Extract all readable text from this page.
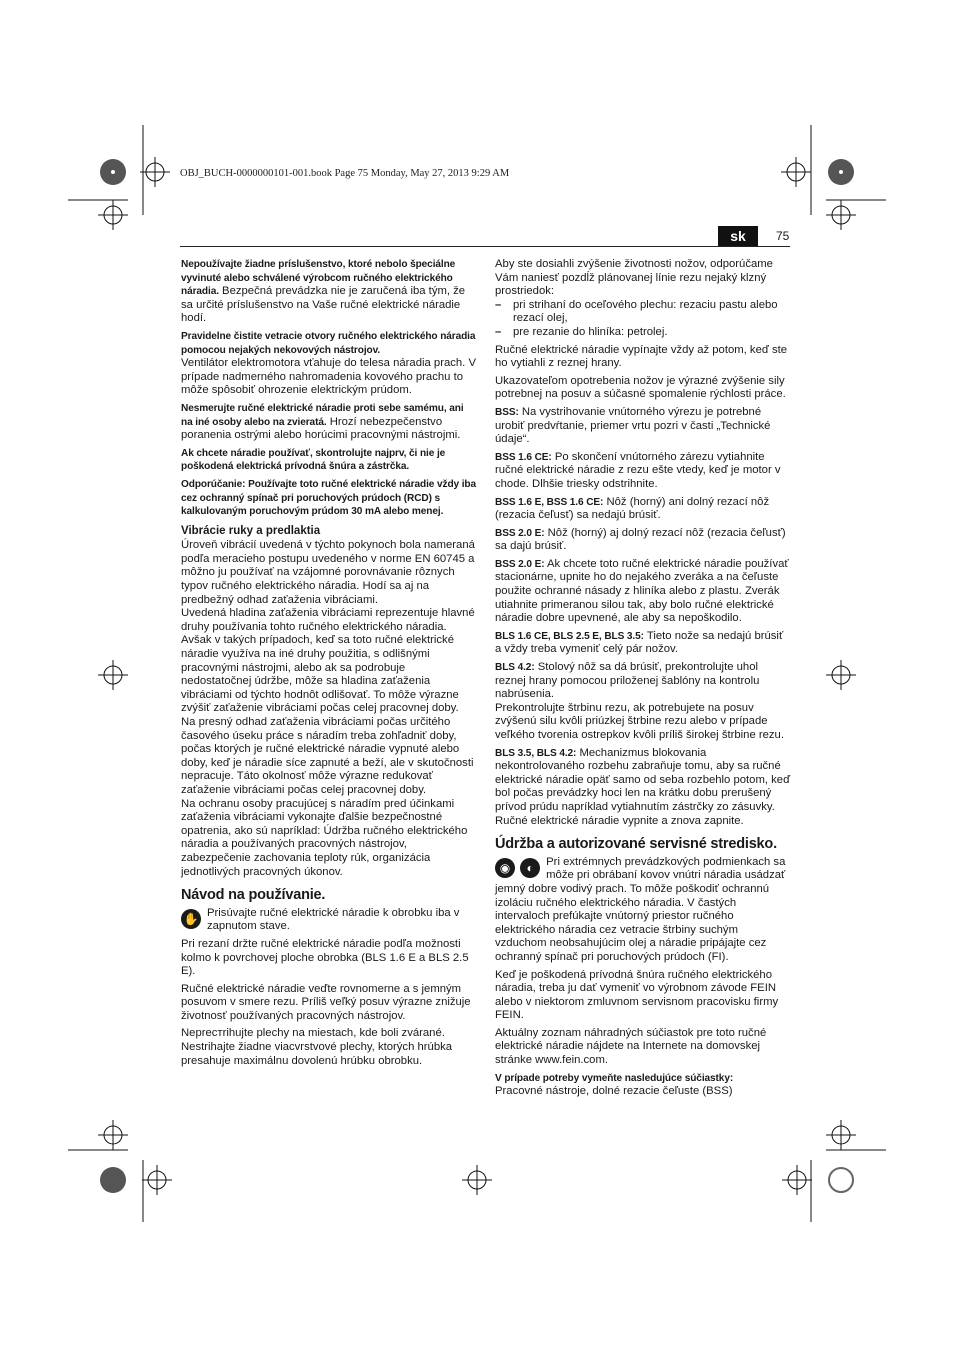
OBJ_BUCH-0000000101-001.book Page 75 Monday, May 27, 2013 9:29 AM
sk	75

Nepoužívajte žiadne príslušenstvo, ktoré nebolo špeciálne vyvinuté alebo schválené výrobcom ručného elektrického náradia. Bezpečná prevádzka nie je zaručená iba tým, že sa určité príslušenstvo na Vaše ručné elektrické náradie hodí.

Pravidelne čistite vetracie otvory ručného elektrického náradia pomocou nejakých nekovových nástrojov.
Ventilátor elektromotora vťahuje do telesa náradia prach. V prípade nadmerného nahromadenia kovového prachu to môže spôsobiť ohrozenie elektrickým prúdom.

Nesmerujte ručné elektrické náradie proti sebe samému, ani na iné osoby alebo na zvieratá. Hrozí nebezpečenstvo poranenia ostrými alebo horúcimi pracovnými nástrojmi.

Ak chcete náradie používať, skontrolujte najprv, či nie je poškodená elektrická prívodná šnúra a zástrčka.

Odporúčanie: Používajte toto ručné elektrické náradie vždy iba cez ochranný spínač pri poruchových prúdoch (RCD) s kalkulovaným poruchovým prúdom 30 mA alebo menej.

Vibrácie ruky a predlaktia

Úroveň vibrácií uvedená v týchto pokynoch bola nameraná podľa meracieho postupu uvedeného v norme EN 60745 a môžno ju používať na vzájomné porovnávanie rôznych typov ručného elektrického náradia. Hodí sa aj na predbežný odhad zaťaženia vibráciami.

Uvedená hladina zaťaženia vibráciami reprezentuje hlavné druhy používania tohto ručného elektrického náradia. Avšak v takých prípadoch, keď sa toto ručné elektrické náradie využíva na iné druhy použitia, s odlišnými pracovnými nástrojmi, alebo ak sa podrobuje nedostatočnej údržbe, môže sa hladina zaťaženia vibráciami od týchto hodnôt odlišovať. To môže výrazne zvýšiť zaťaženie vibráciami počas celej pracovnej doby.

Na presný odhad zaťaženia vibráciami počas určitého časového úseku práce s náradím treba zohľadniť doby, počas ktorých je ručné elektrické náradie vypnuté alebo doby, keď je náradie síce zapnuté a beží, ale v skutočnosti nepracuje. Táto okolnosť môže výrazne redukovať zaťaženie vibráciami počas celej pracovnej doby.

Na ochranu osoby pracujúcej s náradím pred účinkami zaťaženia vibráciami vykonajte ďalšie bezpečnostné opatrenia, ako sú napríklad: Údržba ručného elektrického náradia a používaných pracovných nástrojov, zabezpečenie zachovania teploty rúk, organizácia jednotlivých pracovných úkonov.

Návod na používanie.

✋ Prisúvajte ručné elektrické náradie k obrobku iba v zapnutom stave.

Pri rezaní držte ručné elektrické náradie podľa možnosti kolmo k povrchovej ploche obrobka (BLS 1.6 E a BLS 2.5 E).

Ručné elektrické náradie veďte rovnomerne a s jemným posuvom v smere rezu. Príliš veľký posuv výrazne znižuje životnosť používaných pracovných nástrojov.

Nepreстrihujte plechy na miestach, kde boli zvárané. Nestrihajte žiadne viacvrstvové plechy, ktorých hrúbka presahuje maximálnu dovolenú hrúbku obrobku.

Aby ste dosiahli zvýšenie životnosti nožov, odporúčame Vám naniesť pozdĺž plánovanej línie rezu nejaký klzný prostriedok:

–	pri strihaní do oceľového plechu: rezaciu pastu alebo rezací olej,
–	pre rezanie do hliníka: petrolej.

Ručné elektrické náradie vypínajte vždy až potom, keď ste ho vytiahli z reznej hrany.

Ukazovateľom opotrebenia nožov je výrazné zvýšenie sily potrebnej na posuv a súčasné spomalenie rýchlosti práce.

BSS: Na vystrihovanie vnútorného výrezu je potrebné urobiť predvŕtanie, priemer vrtu pozri v časti „Technické údaje“.

BSS 1.6 CE: Po skončení vnútorného zárezu vytiahnite ručné elektrické náradie z rezu ešte vtedy, keď je motor v chode. Dlhšie triesky odstrihnite.

BSS 1.6 E, BSS 1.6 CE: Nôž (horný) ani dolný rezací nôž (rezacia čeľusť) sa nedajú brúsiť.

BSS 2.0 E: Nôž (horný) aj dolný rezací nôž (rezacia čeľusť) sa dajú brúsiť.

BSS 2.0 E: Ak chcete toto ručné elektrické náradie používať stacionárne, upnite ho do nejakého zveráka a na čeľuste použite ochranné násady z hliníka alebo z plastu. Zverák utiahnite primeranou silou tak, aby bolo ručné elektrické náradie dobre upevnené, ale aby sa nepoškodilo.

BLS 1.6 CE, BLS 2.5 E, BLS 3.5: Tieto nože sa nedajú brúsiť a vždy treba vymeniť celý pár nožov.

BLS 4.2: Stolový nôž sa dá brúsiť, prekontrolujte uhol reznej hrany pomocou priloženej šablóny na kontrolu nabrúsenia.

Prekontrolujte štrbinu rezu, ak potrebujete na posuv zvýšenú silu kvôli priúzkej štrbine rezu alebo v prípade veľkého tvorenia ostrepkov kvôli príliš širokej štrbine rezu.

BLS 3.5, BLS 4.2: Mechanizmus blokovania nekontrolovaného rozbehu zabraňuje tomu, aby sa ručné elektrické náradie opäť samo od seba rozbehlo potom, keď bol počas prevádzky hoci len na krátku dobu prerušený prívod prúdu napríklad vytiahnutím zástrčky zo zásuvky. Ručné elektrické náradie vypnite a znova zapnite.

Údržba a autorizované servisné stredisko.

◉ ◐	Pri extrémnych prevádzkových podmienkach sa môže pri obrábaní kovov vnútri náradia usádzať jemný dobre vodivý prach. To môže poškodiť ochrannú izoláciu ručného elektrického náradia. V častých intervaloch prefúkajte vnútorný priestor ručného elektrického náradia cez vetracie štrbiny suchým vzduchom neobsahujúcim olej a náradie pripájajte cez ochranný spínač pri poruchových prúdoch (FI).

Keď je poškodená prívodná šnúra ručného elektrického náradia, treba ju dať vymeniť vo výrobnom závode FEIN alebo v niektorom zmluvnom servisnom pracovisku firmy FEIN.

Aktuálny zoznam náhradných súčiastok pre toto ručné elektrické náradie nájdete na Internete na domovskej stránke www.fein.com.

V prípade potreby vymeňte nasledujúce súčiastky:

Pracovné nástroje, dolné rezacie čeľuste (BSS)
